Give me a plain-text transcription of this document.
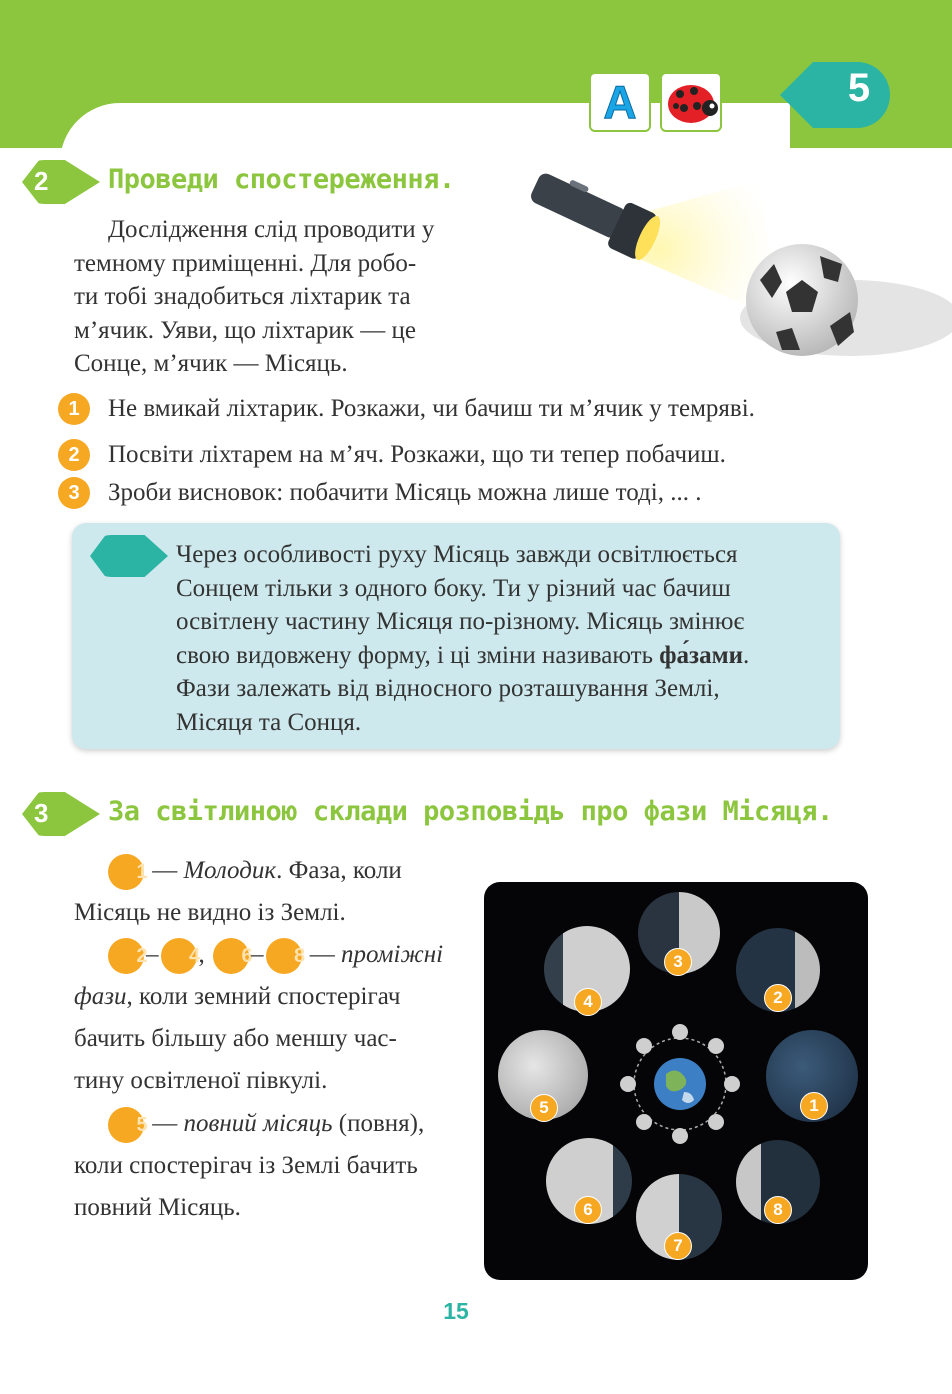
A	5
2 Проведи спостереження.
Дослідження слід проводити у
темному приміщенні. Для робо-
ти тобі знадобиться ліхтарик та
м’ячик. Уяви, що ліхтарик — це
Сонце, м’ячик — Місяць.
1	Не вмикай ліхтарик. Розкажи, чи бачиш ти м’ячик у темряві.
2	Посвіти ліхтарем на м’яч. Розкажи, що ти тепер побачиш.
3	Зроби висновок: побачити Місяць можна лише тоді, ... .
Через особливості руху Місяць завжди освітлюється
Сонцем тільки з одного боку. Ти у різний час бачиш
освітлену частину Місяця по-різному. Місяць змінює
свою видовжену форму, і ці зміни називають фа́зами.
Фази залежать від відносного розташування Землі,
Місяця та Сонця.
3 За світлиною склади розповідь про фази Місяця.
1 — Молодик. Фаза, коли
Місяць не видно із Землі.
2– 4, 6– 8 — проміжні
фази, коли земний спостерігач
бачить більшу або меншу час-
тину освітленої півкулі.
5 — повний місяць (повня),
коли спостерігач із Землі бачить
повний Місяць.
3
4	2
5	1
6	8
7
15
